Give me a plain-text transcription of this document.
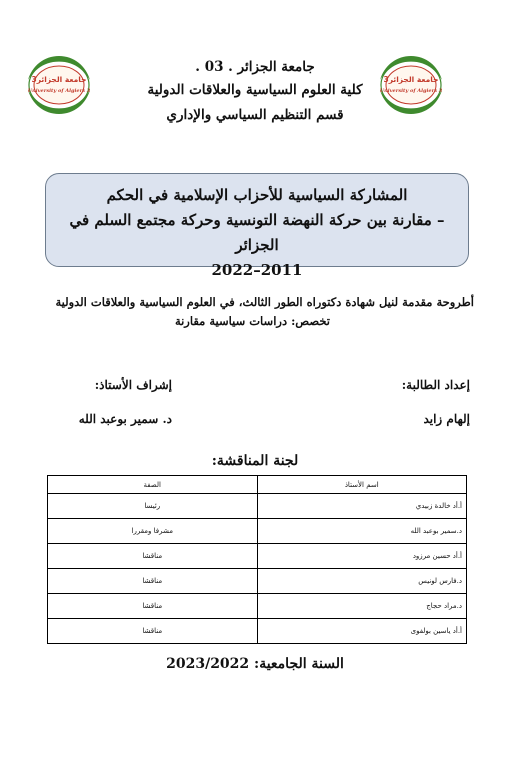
جامعة الجزائر3
University of Algiers 3
جامعة الجزائر3
University of Algiers 3
جامعة الجزائر . 03 .
كلية العلوم السياسية والعلاقات الدولية
قسم التنظيم السياسي والإداري
المشاركة السياسية للأحزاب الإسلامية في الحكم
– مقارنة بين حركة النهضة التونسية وحركة مجتمع السلم في الجزائر
2022–2011
أطروحة مقدمة لنيل شهادة دكتوراه الطور الثالث، في العلوم السياسية والعلاقات الدولية
تخصص: دراسات سياسية مقارنة
إعداد الطالبة:
إشراف الأستاذ:
إلهام زايد
د. سمير بوعبد الله
لجنة المناقشة:
اسم الأستاذ	الصفة
أ.أد خالدة زبيدي	رئيسا
د.سمير بوعبد الله	مشرفا ومقررا
أ.أد حسين مرزود	مناقشا
د.فارس لونيس	مناقشا
د.مراد حجاج	مناقشا
أ.أد ياسين بولفوى	مناقشا
السنة الجامعية: 2023/2022
